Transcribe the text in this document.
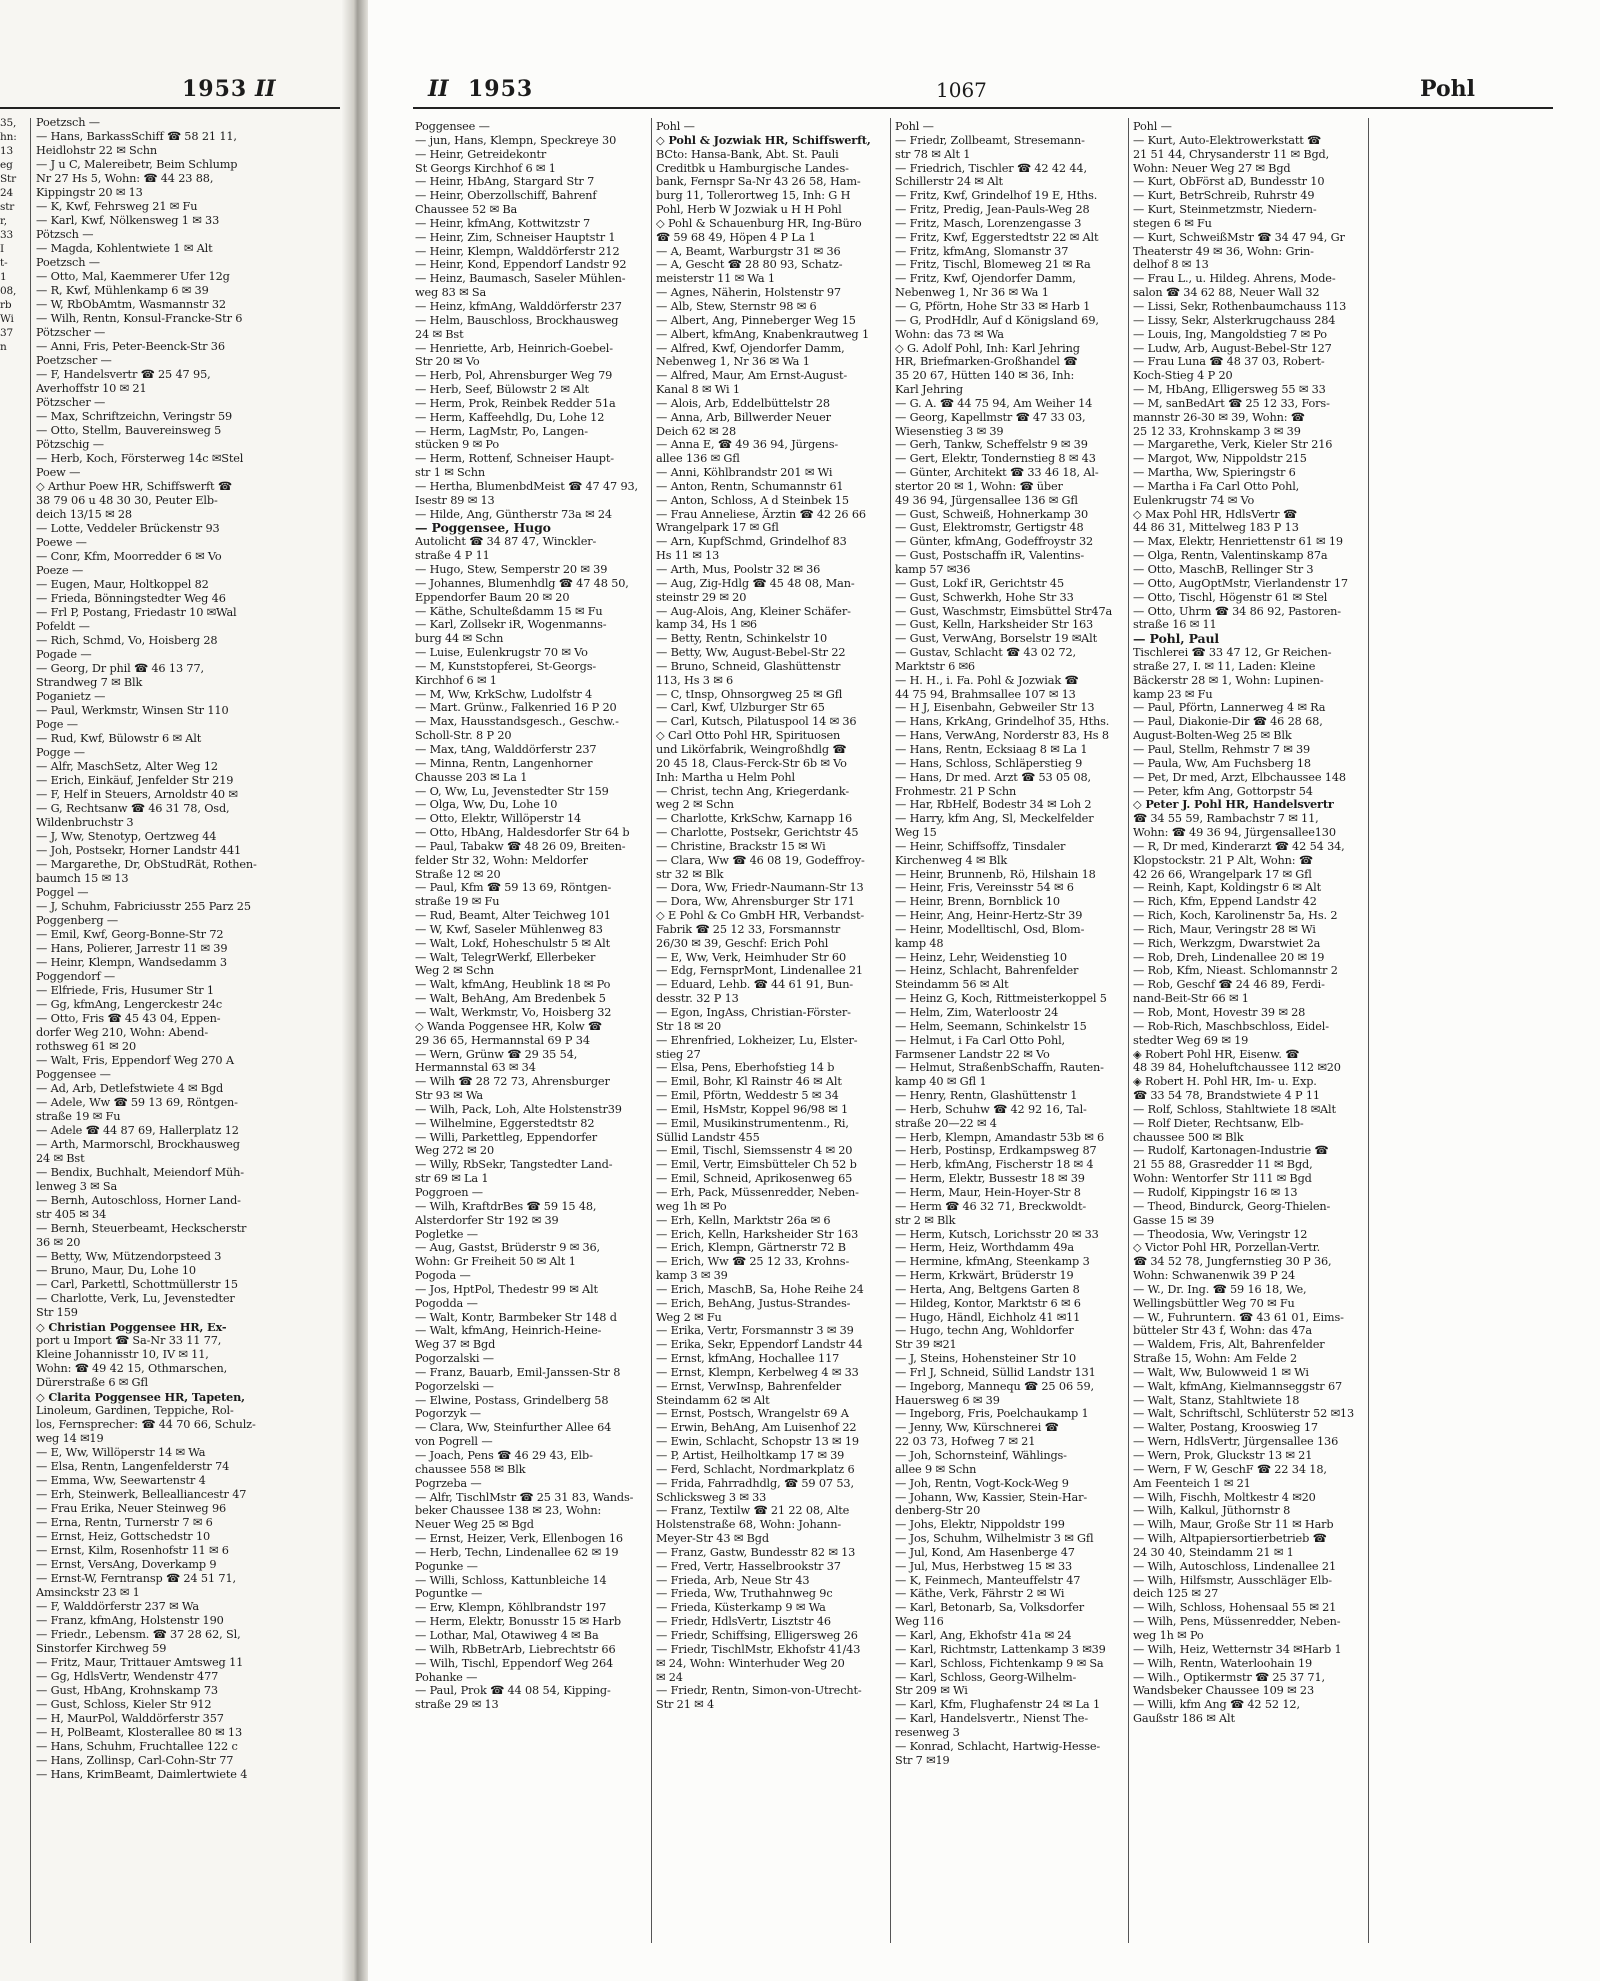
1953 II
35,
hn:
13
eg
Str
24
str
r,
33
I
t-
1
08,
rb
Wi
37
n
Poetzsch —
— Hans, BarkassSchiff ☎ 58 21 11,
Heidlohstr 22 ✉ Schn
— J u C, Malereibetr, Beim Schlump
Nr 27 Hs 5, Wohn: ☎ 44 23 88,
Kippingstr 20 ✉ 13
— K, Kwf, Fehrsweg 21 ✉ Fu
— Karl, Kwf, Nölkensweg 1 ✉ 33
Pötzsch —
— Magda, Kohlentwiete 1 ✉ Alt
Poetzsch —
— Otto, Mal, Kaemmerer Ufer 12g
— R, Kwf, Mühlenkamp 6 ✉ 39
— W, RbObAmtm, Wasmannstr 32
— Wilh, Rentn, Konsul-Francke-Str 6
Pötzscher —
— Anni, Fris, Peter-Beenck-Str 36
Poetzscher —
— F, Handelsvertr ☎ 25 47 95,
Averhoffstr 10 ✉ 21
Pötzscher —
— Max, Schriftzeichn, Veringstr 59
— Otto, Stellm, Bauvereinsweg 5
Pötzschig —
— Herb, Koch, Försterweg 14c ✉Stel
Poew —
◇ Arthur Poew HR, Schiffswerft ☎
38 79 06 u 48 30 30, Peuter Elb-
deich 13/15 ✉ 28
— Lotte, Veddeler Brückenstr 93
Poewe —
— Conr, Kfm, Moorredder 6 ✉ Vo
Poeze —
— Eugen, Maur, Holtkoppel 82
— Frieda, Bönningstedter Weg 46
— Frl P, Postang, Friedastr 10 ✉Wal
Pofeldt —
— Rich, Schmd, Vo, Hoisberg 28
Pogade —
— Georg, Dr phil ☎ 46 13 77,
Strandweg 7 ✉ Blk
Poganietz —
— Paul, Werkmstr, Winsen Str 110
Poge —
— Rud, Kwf, Bülowstr 6 ✉ Alt
Pogge —
— Alfr, MaschSetz, Alter Weg 12
— Erich, Einkäuf, Jenfelder Str 219
— F, Helf in Steuers, Arnoldstr 40 ✉
— G, Rechtsanw ☎ 46 31 78, Osd,
Wildenbruchstr 3
— J, Ww, Stenotyp, Oertzweg 44
— Joh, Postsekr, Horner Landstr 441
— Margarethe, Dr, ObStudRät, Rothen-
baumch 15 ✉ 13
Poggel —
— J, Schuhm, Fabriciusstr 255 Parz 25
Poggenberg —
— Emil, Kwf, Georg-Bonne-Str 72
— Hans, Polierer, Jarrestr 11 ✉ 39
— Heinr, Klempn, Wandsedamm 3
Poggendorf —
— Elfriede, Fris, Husumer Str 1
— Gg, kfmAng, Lengerckestr 24c
— Otto, Fris ☎ 45 43 04, Eppen-
dorfer Weg 210, Wohn: Abend-
rothsweg 61 ✉ 20
— Walt, Fris, Eppendorf Weg 270 A
Poggensee —
— Ad, Arb, Detlefstwiete 4 ✉ Bgd
— Adele, Ww ☎ 59 13 69, Röntgen-
straße 19 ✉ Fu
— Adele ☎ 44 87 69, Hallerplatz 12
— Arth, Marmorschl, Brockhausweg
24 ✉ Bst
— Bendix, Buchhalt, Meiendorf Müh-
lenweg 3 ✉ Sa
— Bernh, Autoschloss, Horner Land-
str 405 ✉ 34
— Bernh, Steuerbeamt, Heckscherstr
36 ✉ 20
— Betty, Ww, Mützendorpsteed 3
— Bruno, Maur, Du, Lohe 10
— Carl, Parkettl, Schottmüllerstr 15
— Charlotte, Verk, Lu, Jevenstedter
Str 159
◇ Christian Poggensee HR, Ex-
port u Import ☎ Sa-Nr 33 11 77,
Kleine Johannisstr 10, IV ✉ 11,
Wohn: ☎ 49 42 15, Othmarschen,
Dürerstraße 6 ✉ Gfl
◇ Clarita Poggensee HR, Tapeten,
Linoleum, Gardinen, Teppiche, Rol-
los, Fernsprecher: ☎ 44 70 66, Schulz-
weg 14 ✉19
— E, Ww, Willöperstr 14 ✉ Wa
— Elsa, Rentn, Langenfelderstr 74
— Emma, Ww, Seewartenstr 4
— Erh, Steinwerk, Bellealliancestr 47
— Frau Erika, Neuer Steinweg 96
— Erna, Rentn, Turnerstr 7 ✉ 6
— Ernst, Heiz, Gottschedstr 10
— Ernst, Kilm, Rosenhofstr 11 ✉ 6
— Ernst, VersAng, Doverkamp 9
— Ernst-W, Ferntransp ☎ 24 51 71,
Amsinckstr 23 ✉ 1
— F, Walddörferstr 237 ✉ Wa
— Franz, kfmAng, Holstenstr 190
— Friedr., Lebensm. ☎ 37 28 62, Sl,
Sinstorfer Kirchweg 59
— Fritz, Maur, Trittauer Amtsweg 11
— Gg, HdlsVertr, Wendenstr 477
— Gust, HbAng, Krohnskamp 73
— Gust, Schloss, Kieler Str 912
— H, MaurPol, Walddörferstr 357
— H, PolBeamt, Klosterallee 80 ✉ 13
— Hans, Schuhm, Fruchtallee 122 c
— Hans, Zollinsp, Carl-Cohn-Str 77
— Hans, KrimBeamt, Daimlertwiete 4
II 1953	1067	Pohl
Poggensee —
— jun, Hans, Klempn, Speckreye 30
— Heinr, Getreidekontr
St Georgs Kirchhof 6 ✉ 1
— Heinr, HbAng, Stargard Str 7
— Heinr, Oberzollschiff, Bahrenf
Chaussee 52 ✉ Ba
— Heinr, kfmAng, Kottwitzstr 7
— Heinr, Zim, Schneiser Hauptstr 1
— Heinr, Klempn, Walddörferstr 212
— Heinr, Kond, Eppendorf Landstr 92
— Heinz, Baumasch, Saseler Mühlen-
weg 83 ✉ Sa
— Heinz, kfmAng, Walddörferstr 237
— Helm, Bauschloss, Brockhausweg
24 ✉ Bst
— Henriette, Arb, Heinrich-Goebel-
Str 20 ✉ Vo
— Herb, Pol, Ahrensburger Weg 79
— Herb, Seef, Bülowstr 2 ✉ Alt
— Herm, Prok, Reinbek Redder 51a
— Herm, Kaffeehdlg, Du, Lohe 12
— Herm, LagMstr, Po, Langen-
stücken 9 ✉ Po
— Herm, Rottenf, Schneiser Haupt-
str 1 ✉ Schn
— Hertha, BlumenbdMeist ☎ 47 47 93,
Isestr 89 ✉ 13
— Hilde, Ang, Güntherstr 73a ✉ 24
— Poggensee, Hugo
Autolicht ☎ 34 87 47, Winckler-
straße 4 P 11
— Hugo, Stew, Semperstr 20 ✉ 39
— Johannes, Blumenhdlg ☎ 47 48 50,
Eppendorfer Baum 20 ✉ 20
— Käthe, Schulteßdamm 15 ✉ Fu
— Karl, Zollsekr iR, Wogenmanns-
burg 44 ✉ Schn
— Luise, Eulenkrugstr 70 ✉ Vo
— M, Kunststopferei, St-Georgs-
Kirchhof 6 ✉ 1
— M, Ww, KrkSchw, Ludolfstr 4
— Mart. Grünw., Falkenried 16 P 20
— Max, Hausstandsgesch., Geschw.-
Scholl-Str. 8 P 20
— Max, tAng, Walddörferstr 237
— Minna, Rentn, Langenhorner
Chausse 203 ✉ La 1
— O, Ww, Lu, Jevenstedter Str 159
— Olga, Ww, Du, Lohe 10
— Otto, Elektr, Willöperstr 14
— Otto, HbAng, Haldesdorfer Str 64 b
— Paul, Tabakw ☎ 48 26 09, Breiten-
felder Str 32, Wohn: Meldorfer
Straße 12 ✉ 20
— Paul, Kfm ☎ 59 13 69, Röntgen-
straße 19 ✉ Fu
— Rud, Beamt, Alter Teichweg 101
— W, Kwf, Saseler Mühlenweg 83
— Walt, Lokf, Hoheschulstr 5 ✉ Alt
— Walt, TelegrWerkf, Ellerbeker
Weg 2 ✉ Schn
— Walt, kfmAng, Heublink 18 ✉ Po
— Walt, BehAng, Am Bredenbek 5
— Walt, Werkmstr, Vo, Hoisberg 32
◇ Wanda Poggensee HR, Kolw ☎
29 36 65, Hermannstal 69 P 34
— Wern, Grünw ☎ 29 35 54,
Hermannstal 63 ✉ 34
— Wilh ☎ 28 72 73, Ahrensburger
Str 93 ✉ Wa
— Wilh, Pack, Loh, Alte Holstenstr39
— Wilhelmine, Eggerstedtstr 82
— Willi, Parkettleg, Eppendorfer
Weg 272 ✉ 20
— Willy, RbSekr, Tangstedter Land-
str 69 ✉ La 1
Poggroen —
— Wilh, KraftdrBes ☎ 59 15 48,
Alsterdorfer Str 192 ✉ 39
Pogletke —
— Aug, Gastst, Brüderstr 9 ✉ 36,
Wohn: Gr Freiheit 50 ✉ Alt 1
Pogoda —
— Jos, HptPol, Thedestr 99 ✉ Alt
Pogodda —
— Walt, Kontr, Barmbeker Str 148 d
— Walt, kfmAng, Heinrich-Heine-
Weg 37 ✉ Bgd
Pogorzalski —
— Franz, Bauarb, Emil-Janssen-Str 8
Pogorzelski —
— Elwine, Postass, Grindelberg 58
Pogorzyk —
— Clara, Ww, Steinfurther Allee 64
von Pogrell —
— Joach, Pens ☎ 46 29 43, Elb-
chaussee 558 ✉ Blk
Pogrzeba —
— Alfr, TischlMstr ☎ 25 31 83, Wands-
beker Chaussee 138 ✉ 23, Wohn:
Neuer Weg 25 ✉ Bgd
— Ernst, Heizer, Verk, Ellenbogen 16
— Herb, Techn, Lindenallee 62 ✉ 19
Pogunke —
— Willi, Schloss, Kattunbleiche 14
Poguntke —
— Erw, Klempn, Köhlbrandstr 197
— Herm, Elektr, Bonusstr 15 ✉ Harb
— Lothar, Mal, Otawiweg 4 ✉ Ba
— Wilh, RbBetrArb, Liebrechtstr 66
— Wilh, Tischl, Eppendorf Weg 264
Pohanke —
— Paul, Prok ☎ 44 08 54, Kipping-
straße 29 ✉ 13
Pohl —
◇ Pohl & Jozwiak HR, Schiffswerft,
BCto: Hansa-Bank, Abt. St. Pauli
Creditbk u Hamburgische Landes-
bank, Fernspr Sa-Nr 43 26 58, Ham-
burg 11, Tollerortweg 15, Inh: G H
Pohl, Herb W Jozwiak u H H Pohl
◇ Pohl & Schauenburg HR, Ing-Büro
☎ 59 68 49, Höpen 4 P La 1
— A, Beamt, Warburgstr 31 ✉ 36
— A, Gescht ☎ 28 80 93, Schatz-
meisterstr 11 ✉ Wa 1
— Agnes, Näherin, Holstenstr 97
— Alb, Stew, Sternstr 98 ✉ 6
— Albert, Ang, Pinneberger Weg 15
— Albert, kfmAng, Knabenkrautweg 1
— Alfred, Kwf, Ojendorfer Damm,
Nebenweg 1, Nr 36 ✉ Wa 1
— Alfred, Maur, Am Ernst-August-
Kanal 8 ✉ Wi 1
— Alois, Arb, Eddelbüttelstr 28
— Anna, Arb, Billwerder Neuer
Deich 62 ✉ 28
— Anna E, ☎ 49 36 94, Jürgens-
allee 136 ✉ Gfl
— Anni, Köhlbrandstr 201 ✉ Wi
— Anton, Rentn, Schumannstr 61
— Anton, Schloss, A d Steinbek 15
— Frau Anneliese, Ärztin ☎ 42 26 66
Wrangelpark 17 ✉ Gfl
— Arn, KupfSchmd, Grindelhof 83
Hs 11 ✉ 13
— Arth, Mus, Poolstr 32 ✉ 36
— Aug, Zig-Hdlg ☎ 45 48 08, Man-
steinstr 29 ✉ 20
— Aug-Alois, Ang, Kleiner Schäfer-
kamp 34, Hs 1 ✉6
— Betty, Rentn, Schinkelstr 10
— Betty, Ww, August-Bebel-Str 22
— Bruno, Schneid, Glashüttenstr
113, Hs 3 ✉ 6
— C, tInsp, Ohnsorgweg 25 ✉ Gfl
— Carl, Kwf, Ulzburger Str 65
— Carl, Kutsch, Pilatuspool 14 ✉ 36
◇ Carl Otto Pohl HR, Spirituosen
und Likörfabrik, Weingroßhdlg ☎
20 45 18, Claus-Ferck-Str 6b ✉ Vo
Inh: Martha u Helm Pohl
— Christ, techn Ang, Kriegerdank-
weg 2 ✉ Schn
— Charlotte, KrkSchw, Karnapp 16
— Charlotte, Postsekr, Gerichtstr 45
— Christine, Brackstr 15 ✉ Wi
— Clara, Ww ☎ 46 08 19, Godeffroy-
str 32 ✉ Blk
— Dora, Ww, Friedr-Naumann-Str 13
— Dora, Ww, Ahrensburger Str 171
◇ E Pohl & Co GmbH HR, Verbandst-
Fabrik ☎ 25 12 33, Forsmannstr
26/30 ✉ 39, Geschf: Erich Pohl
— E, Ww, Verk, Heimhuder Str 60
— Edg, FernsprMont, Lindenallee 21
— Eduard, Lehb. ☎ 44 61 91, Bun-
desstr. 32 P 13
— Egon, IngAss, Christian-Förster-
Str 18 ✉ 20
— Ehrenfried, Lokheizer, Lu, Elster-
stieg 27
— Elsa, Pens, Eberhofstieg 14 b
— Emil, Bohr, Kl Rainstr 46 ✉ Alt
— Emil, Pförtn, Weddestr 5 ✉ 34
— Emil, HsMstr, Koppel 96/98 ✉ 1
— Emil, Musikinstrumentenm., Ri,
Süllid Landstr 455
— Emil, Tischl, Siemssenstr 4 ✉ 20
— Emil, Vertr, Eimsbütteler Ch 52 b
— Emil, Schneid, Aprikosenweg 65
— Erh, Pack, Müssenredder, Neben-
weg 1h ✉ Po
— Erh, Kelln, Marktstr 26a ✉ 6
— Erich, Kelln, Harksheider Str 163
— Erich, Klempn, Gärtnerstr 72 B
— Erich, Ww ☎ 25 12 33, Krohns-
kamp 3 ✉ 39
— Erich, MaschB, Sa, Hohe Reihe 24
— Erich, BehAng, Justus-Strandes-
Weg 2 ✉ Fu
— Erika, Vertr, Forsmannstr 3 ✉ 39
— Erika, Sekr, Eppendorf Landstr 44
— Ernst, kfmAng, Hochallee 117
— Ernst, Klempn, Kerbelweg 4 ✉ 33
— Ernst, VerwInsp, Bahrenfelder
Steindamm 62 ✉ Alt
— Ernst, Postsch, Wrangelstr 69 A
— Erwin, BehAng, Am Luisenhof 22
— Ewin, Schlacht, Schopstr 13 ✉ 19
— P, Artist, Heilholtkamp 17 ✉ 39
— Ferd, Schlacht, Nordmarkplatz 6
— Frida, Fahrradhdlg, ☎ 59 07 53,
Schlicksweg 3 ✉ 33
— Franz, Textilw ☎ 21 22 08, Alte
Holstenstraße 68, Wohn: Johann-
Meyer-Str 43 ✉ Bgd
— Franz, Gastw, Bundesstr 82 ✉ 13
— Fred, Vertr, Hasselbrookstr 37
— Frieda, Arb, Neue Str 43
— Frieda, Ww, Truthahnweg 9c
— Frieda, Küsterkamp 9 ✉ Wa
— Friedr, HdlsVertr, Lisztstr 46
— Friedr, Schiffsing, Elligersweg 26
— Friedr, TischlMstr, Ekhofstr 41/43
✉ 24, Wohn: Winterhuder Weg 20
✉ 24
— Friedr, Rentn, Simon-von-Utrecht-
Str 21 ✉ 4
Pohl —
— Friedr, Zollbeamt, Stresemann-
str 78 ✉ Alt 1
— Friedrich, Tischler ☎ 42 42 44,
Schillerstr 24 ✉ Alt
— Fritz, Kwf, Grindelhof 19 E, Hths.
— Fritz, Predig, Jean-Pauls-Weg 28
— Fritz, Masch, Lorenzengasse 3
— Fritz, Kwf, Eggerstedtstr 22 ✉ Alt
— Fritz, kfmAng, Slomanstr 37
— Fritz, Tischl, Blomeweg 21 ✉ Ra
— Fritz, Kwf, Ojendorfer Damm,
Nebenweg 1, Nr 36 ✉ Wa 1
— G, Pförtn, Hohe Str 33 ✉ Harb 1
— G, ProdHdlr, Auf d Königsland 69,
Wohn: das 73 ✉ Wa
◇ G. Adolf Pohl, Inh: Karl Jehring
HR, Briefmarken-Großhandel ☎
35 20 67, Hütten 140 ✉ 36, Inh:
Karl Jehring
— G. A. ☎ 44 75 94, Am Weiher 14
— Georg, Kapellmstr ☎ 47 33 03,
Wiesenstieg 3 ✉ 39
— Gerh, Tankw, Scheffelstr 9 ✉ 39
— Gert, Elektr, Tondernstieg 8 ✉ 43
— Günter, Architekt ☎ 33 46 18, Al-
stertor 20 ✉ 1, Wohn: ☎ über
49 36 94, Jürgensallee 136 ✉ Gfl
— Gust, Schweiß, Hohnerkamp 30
— Gust, Elektromstr, Gertigstr 48
— Günter, kfmAng, Godeffroystr 32
— Gust, Postschaffn iR, Valentins-
kamp 57 ✉36
— Gust, Lokf iR, Gerichtstr 45
— Gust, Schwerkh, Hohe Str 33
— Gust, Waschmstr, Eimsbüttel Str47a
— Gust, Kelln, Harksheider Str 163
— Gust, VerwAng, Borselstr 19 ✉Alt
— Gustav, Schlacht ☎ 43 02 72,
Marktstr 6 ✉6
— H. H., i. Fa. Pohl & Jozwiak ☎
44 75 94, Brahmsallee 107 ✉ 13
— H J, Eisenbahn, Gebweiler Str 13
— Hans, KrkAng, Grindelhof 35, Hths.
— Hans, VerwAng, Norderstr 83, Hs 8
— Hans, Rentn, Ecksiaag 8 ✉ La 1
— Hans, Schloss, Schläperstieg 9
— Hans, Dr med. Arzt ☎ 53 05 08,
Frohmestr. 21 P Schn
— Har, RbHelf, Bodestr 34 ✉ Loh 2
— Harry, kfm Ang, Sl, Meckelfelder
Weg 15
— Heinr, Schiffsoffz, Tinsdaler
Kirchenweg 4 ✉ Blk
— Heinr, Brunnenb, Rö, Hilshain 18
— Heinr, Fris, Vereinsstr 54 ✉ 6
— Heinr, Brenn, Bornblick 10
— Heinr, Ang, Heinr-Hertz-Str 39
— Heinr, Modelltischl, Osd, Blom-
kamp 48
— Heinz, Lehr, Weidenstieg 10
— Heinz, Schlacht, Bahrenfelder
Steindamm 56 ✉ Alt
— Heinz G, Koch, Rittmeisterkoppel 5
— Helm, Zim, Waterloostr 24
— Helm, Seemann, Schinkelstr 15
— Helmut, i Fa Carl Otto Pohl,
Farmsener Landstr 22 ✉ Vo
— Helmut, StraßenbSchaffn, Rauten-
kamp 40 ✉ Gfl 1
— Henry, Rentn, Glashüttenstr 1
— Herb, Schuhw ☎ 42 92 16, Tal-
straße 20—22 ✉ 4
— Herb, Klempn, Amandastr 53b ✉ 6
— Herb, Postinsp, Erdkampsweg 87
— Herb, kfmAng, Fischerstr 18 ✉ 4
— Herm, Elektr, Bussestr 18 ✉ 39
— Herm, Maur, Hein-Hoyer-Str 8
— Herm ☎ 46 32 71, Breckwoldt-
str 2 ✉ Blk
— Herm, Kutsch, Lorichsstr 20 ✉ 33
— Herm, Heiz, Worthdamm 49a
— Hermine, kfmAng, Steenkamp 3
— Herm, Krkwärt, Brüderstr 19
— Herta, Ang, Beltgens Garten 8
— Hildeg, Kontor, Marktstr 6 ✉ 6
— Hugo, Händl, Eichholz 41 ✉11
— Hugo, techn Ang, Wohldorfer
Str 39 ✉21
— J, Steins, Hohensteiner Str 10
— Frl J, Schneid, Süllid Landstr 131
— Ingeborg, Mannequ ☎ 25 06 59,
Hauersweg 6 ✉ 39
— Ingeborg, Fris, Poelchaukamp 1
— Jenny, Ww, Kürschnerei ☎
22 03 73, Hofweg 7 ✉ 21
— Joh, Schornsteinf, Wählings-
allee 9 ✉ Schn
— Joh, Rentn, Vogt-Kock-Weg 9
— Johann, Ww, Kassier, Stein-Har-
denberg-Str 20
— Johs, Elektr, Nippoldstr 199
— Jos, Schuhm, Wilhelmistr 3 ✉ Gfl
— Jul, Kond, Am Hasenberge 47
— Jul, Mus, Herbstweg 15 ✉ 33
— K, Feinmech, Manteuffelstr 47
— Käthe, Verk, Fährstr 2 ✉ Wi
— Karl, Betonarb, Sa, Volksdorfer
Weg 116
— Karl, Ang, Ekhofstr 41a ✉ 24
— Karl, Richtmstr, Lattenkamp 3 ✉39
— Karl, Schloss, Fichtenkamp 9 ✉ Sa
— Karl, Schloss, Georg-Wilhelm-
Str 209 ✉ Wi
— Karl, Kfm, Flughafenstr 24 ✉ La 1
— Karl, Handelsvertr., Nienst The-
resenweg 3
— Konrad, Schlacht, Hartwig-Hesse-
Str 7 ✉19
Pohl —
— Kurt, Auto-Elektrowerkstatt ☎
21 51 44, Chrysanderstr 11 ✉ Bgd,
Wohn: Neuer Weg 27 ✉ Bgd
— Kurt, ObFörst aD, Bundesstr 10
— Kurt, BetrSchreib, Ruhrstr 49
— Kurt, Steinmetzmstr, Niedern-
stegen 6 ✉ Fu
— Kurt, SchweißMstr ☎ 34 47 94, Gr
Theaterstr 49 ✉ 36, Wohn: Grin-
delhof 8 ✉ 13
— Frau L., u. Hildeg. Ahrens, Mode-
salon ☎ 34 62 88, Neuer Wall 32
— Lissi, Sekr, Rothenbaumchauss 113
— Lissy, Sekr, Alsterkrugchauss 284
— Louis, Ing, Mangoldstieg 7 ✉ Po
— Ludw, Arb, August-Bebel-Str 127
— Frau Luna ☎ 48 37 03, Robert-
Koch-Stieg 4 P 20
— M, HbAng, Elligersweg 55 ✉ 33
— M, sanBedArt ☎ 25 12 33, Fors-
mannstr 26-30 ✉ 39, Wohn: ☎
25 12 33, Krohnskamp 3 ✉ 39
— Margarethe, Verk, Kieler Str 216
— Margot, Ww, Nippoldstr 215
— Martha, Ww, Spieringstr 6
— Martha i Fa Carl Otto Pohl,
Eulenkrugstr 74 ✉ Vo
◇ Max Pohl HR, HdlsVertr ☎
44 86 31, Mittelweg 183 P 13
— Max, Elektr, Henriettenstr 61 ✉ 19
— Olga, Rentn, Valentinskamp 87a
— Otto, MaschB, Rellinger Str 3
— Otto, AugOptMstr, Vierlandenstr 17
— Otto, Tischl, Högenstr 61 ✉ Stel
— Otto, Uhrm ☎ 34 86 92, Pastoren-
straße 16 ✉ 11
— Pohl, Paul
Tischlerei ☎ 33 47 12, Gr Reichen-
straße 27, I. ✉ 11, Laden: Kleine
Bäckerstr 28 ✉ 1, Wohn: Lupinen-
kamp 23 ✉ Fu
— Paul, Pförtn, Lannerweg 4 ✉ Ra
— Paul, Diakonie-Dir ☎ 46 28 68,
August-Bolten-Weg 25 ✉ Blk
— Paul, Stellm, Rehmstr 7 ✉ 39
— Paula, Ww, Am Fuchsberg 18
— Pet, Dr med, Arzt, Elbchaussee 148
— Peter, kfm Ang, Gottorpstr 54
◇ Peter J. Pohl HR, Handelsvertr
☎ 34 55 59, Rambachstr 7 ✉ 11,
Wohn: ☎ 49 36 94, Jürgensallee130
— R, Dr med, Kinderarzt ☎ 42 54 34,
Klopstockstr. 21 P Alt, Wohn: ☎
42 26 66, Wrangelpark 17 ✉ Gfl
— Reinh, Kapt, Koldingstr 6 ✉ Alt
— Rich, Kfm, Eppend Landstr 42
— Rich, Koch, Karolinenstr 5a, Hs. 2
— Rich, Maur, Veringstr 28 ✉ Wi
— Rich, Werkzgm, Dwarstwiet 2a
— Rob, Dreh, Lindenallee 20 ✉ 19
— Rob, Kfm, Nieast. Schlomannstr 2
— Rob, Geschf ☎ 24 46 89, Ferdi-
nand-Beit-Str 66 ✉ 1
— Rob, Mont, Hovestr 39 ✉ 28
— Rob-Rich, Maschbschloss, Eidel-
stedter Weg 69 ✉ 19
◈ Robert Pohl HR, Eisenw. ☎
48 39 84, Hoheluftchaussee 112 ✉20
◈ Robert H. Pohl HR, Im- u. Exp.
☎ 33 54 78, Brandstwiete 4 P 11
— Rolf, Schloss, Stahltwiete 18 ✉Alt
— Rolf Dieter, Rechtsanw, Elb-
chaussee 500 ✉ Blk
— Rudolf, Kartonagen-Industrie ☎
21 55 88, Grasredder 11 ✉ Bgd,
Wohn: Wentorfer Str 111 ✉ Bgd
— Rudolf, Kippingstr 16 ✉ 13
— Theod, Bindurck, Georg-Thielen-
Gasse 15 ✉ 39
— Theodosia, Ww, Veringstr 12
◇ Victor Pohl HR, Porzellan-Vertr.
☎ 34 52 78, Jungfernstieg 30 P 36,
Wohn: Schwanenwik 39 P 24
— W., Dr. Ing. ☎ 59 16 18, We,
Wellingsbüttler Weg 70 ✉ Fu
— W., Fuhruntern. ☎ 43 61 01, Eims-
bütteler Str 43 f, Wohn: das 47a
— Waldem, Fris, Alt, Bahrenfelder
Straße 15, Wohn: Am Felde 2
— Walt, Ww, Bulowweid 1 ✉ Wi
— Walt, kfmAng, Kielmannseggstr 67
— Walt, Stanz, Stahltwiete 18
— Walt, Schriftschl, Schlüterstr 52 ✉13
— Walter, Postang, Krooswieg 17
— Wern, HdlsVertr, Jürgensallee 136
— Wern, Prok, Gluckstr 13 ✉ 21
— Wern, F W, GeschF ☎ 22 34 18,
Am Feenteich 1 ✉ 21
— Wilh, Fischh, Moltkestr 4 ✉20
— Wilh, Kalkul, Jüthornstr 8
— Wilh, Maur, Große Str 11 ✉ Harb
— Wilh, Altpapiersortierbetrieb ☎
24 30 40, Steindamm 21 ✉ 1
— Wilh, Autoschloss, Lindenallee 21
— Wilh, Hilfsmstr, Ausschläger Elb-
deich 125 ✉ 27
— Wilh, Schloss, Hohensaal 55 ✉ 21
— Wilh, Pens, Müssenredder, Neben-
weg 1h ✉ Po
— Wilh, Heiz, Wetternstr 34 ✉Harb 1
— Wilh, Rentn, Waterloohain 19
— Wilh., Optikermstr ☎ 25 37 71,
Wandsbeker Chaussee 109 ✉ 23
— Willi, kfm Ang ☎ 42 52 12,
Gaußstr 186 ✉ Alt
